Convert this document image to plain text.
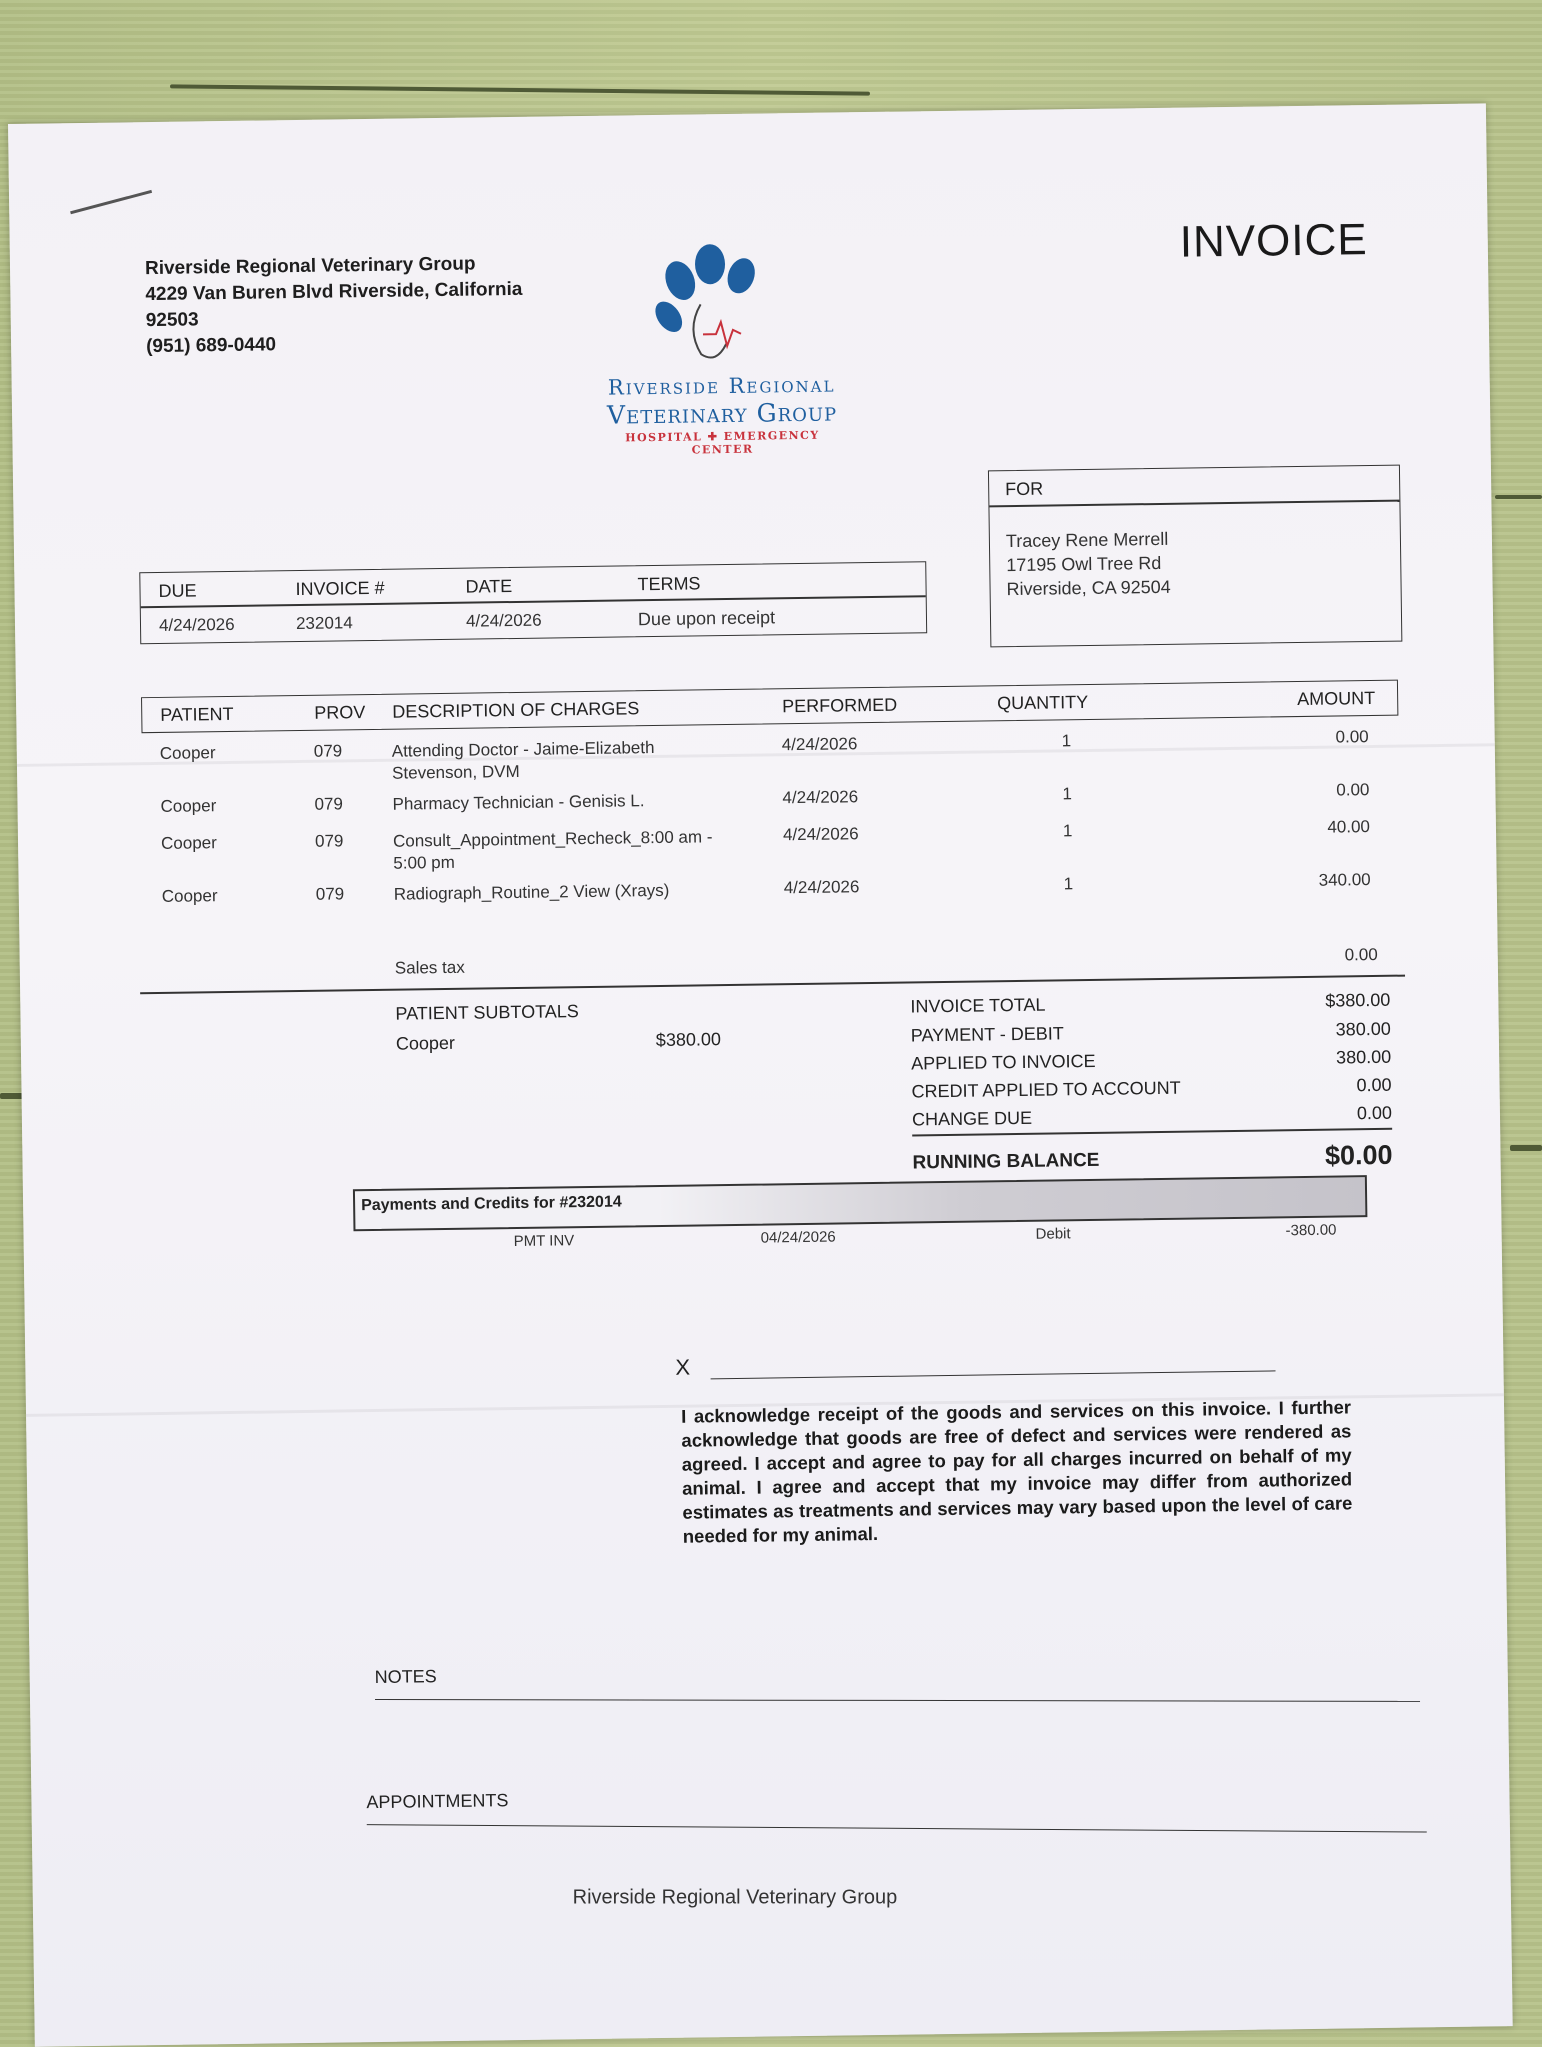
Riverside Regional Veterinary Group
4229 Van Buren Blvd Riverside, California
92503
(951) 689-0440
Riverside Regional
Veterinary Group
HOSPITAL ✚ EMERGENCY CENTER
INVOICE
FOR
Tracey Rene Merrell
17195 Owl Tree Rd
Riverside, CA 92504
DUE	INVOICE #	DATE	TERMS
4/24/2026	232014	4/24/2026	Due upon receipt
PATIENT	PROV DESCRIPTION OF CHARGES	PERFORMED	QUANTITY	AMOUNT
Cooper	079	Attending Doctor - Jaime-Elizabeth
Stevenson, DVM
4/24/2026	1	0.00
Cooper	079	Pharmacy Technician - Genisis L.	4/24/2026	1	0.00
Cooper	079	Consult_Appointment_Recheck_8:00 am -
5:00 pm
4/24/2026	1	40.00
Cooper	079	Radiograph_Routine_2 View (Xrays)	4/24/2026	1	340.00
Sales tax
0.00
PATIENT SUBTOTALS
Cooper	$380.00
INVOICE TOTAL	$380.00
PAYMENT - DEBIT	380.00
APPLIED TO INVOICE	380.00
CREDIT APPLIED TO ACCOUNT	0.00
CHANGE DUE	0.00
RUNNING BALANCE	$0.00
Payments and Credits for #232014
PMT INV	04/24/2026	Debit	-380.00
X
I acknowledge receipt of the goods and services on this invoice. I further acknowledge that goods are free of defect and services were rendered as agreed. I accept and agree to pay for all charges incurred on behalf of my animal. I agree and accept that my invoice may differ from authorized estimates as treatments and services may vary based upon the level of care needed for my animal.
NOTES
APPOINTMENTS
Riverside Regional Veterinary Group
